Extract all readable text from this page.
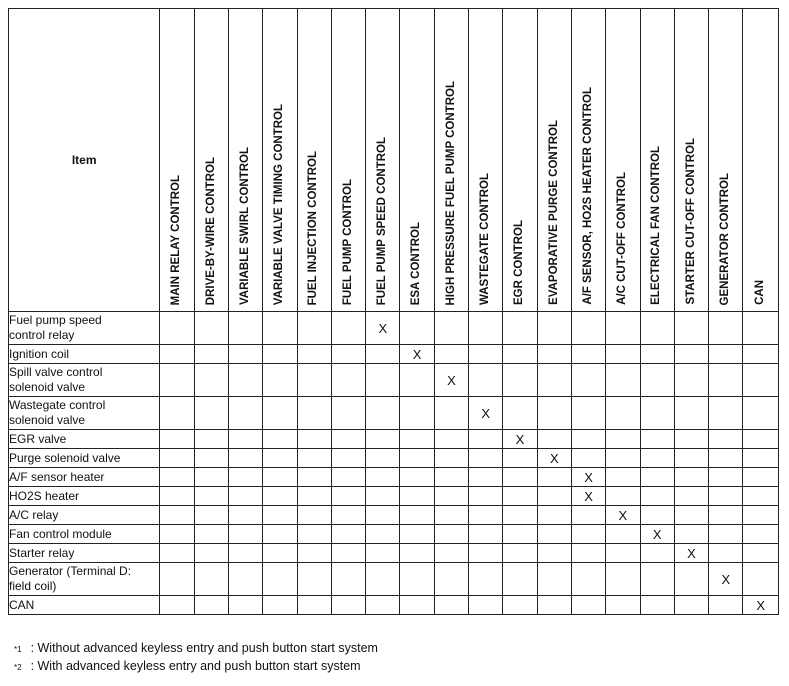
Item	MAIN RELAY CONTROL	DRIVE-BY-WIRE CONTROL	VARIABLE SWIRL CONTROL	VARIABLE VALVE TIMING CONTROL	FUEL INJECTION CONTROL	FUEL PUMP CONTROL	FUEL PUMP SPEED CONTROL	ESA CONTROL	HIGH PRESSURE FUEL PUMP CONTROL	WASTEGATE CONTROL	EGR CONTROL	EVAPORATIVE PURGE CONTROL	A/F SENSOR, HO2S HEATER CONTROL	A/C CUT-OFF CONTROL	ELECTRICAL FAN CONTROL	STARTER CUT-OFF CONTROL	GENERATOR CONTROL	CAN

Fuel pump speed
control relay							X											

Ignition coil								X										

Spill valve control
solenoid valve									X									

Wastegate control
solenoid valve										X								

EGR valve											X							

Purge solenoid valve												X						

A/F sensor heater													X					

HO2S heater													X					

A/C relay														X				

Fan control module															X			

Starter relay																X		

Generator (Terminal D:
field coil)																	X	

CAN																		X
*1 : Without advanced keyless entry and push button start system
*2 : With advanced keyless entry and push button start system
